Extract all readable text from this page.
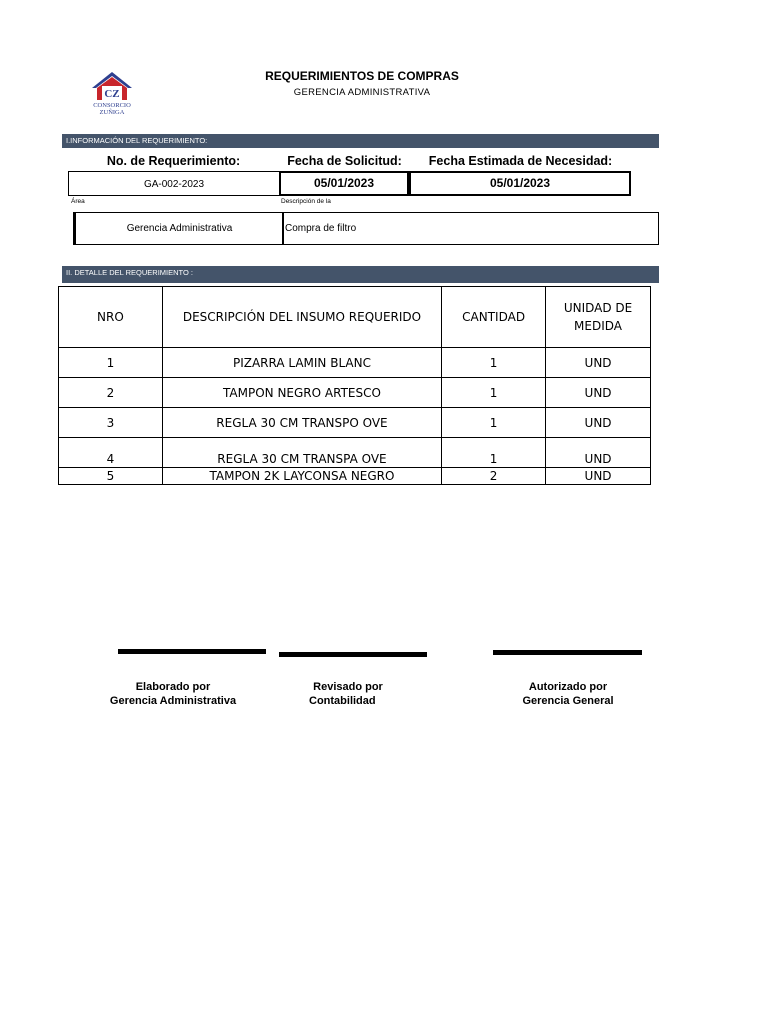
CZ
CONSORCIO
ZUÑIGA
REQUERIMIENTOS DE COMPRAS
GERENCIA ADMINISTRATIVA
I.INFORMACIÓN DEL REQUERIMIENTO:
No. de Requerimiento:	Fecha de Solicitud:	Fecha Estimada de Necesidad:
GA-002-2023	05/01/2023	05/01/2023
Área	Descripción de la
Gerencia Administrativa	Compra de filtro
II. DETALLE DEL REQUERIMIENTO :
NRO	DESCRIPCIÓN DEL INSUMO REQUERIDO	CANTIDAD	UNIDAD DE MEDIDA
1	PIZARRA LAMIN BLANC	1	UND
2	TAMPON NEGRO ARTESCO	1	UND
3	REGLA 30 CM TRANSPO OVE	1	UND
4	REGLA 30 CM TRANSPA OVE	1	UND
5	TAMPON 2K LAYCONSA NEGRO	2	UND
Elaborado por
Gerencia Administrativa
Revisado por
Contabilidad
Autorizado por
Gerencia General
